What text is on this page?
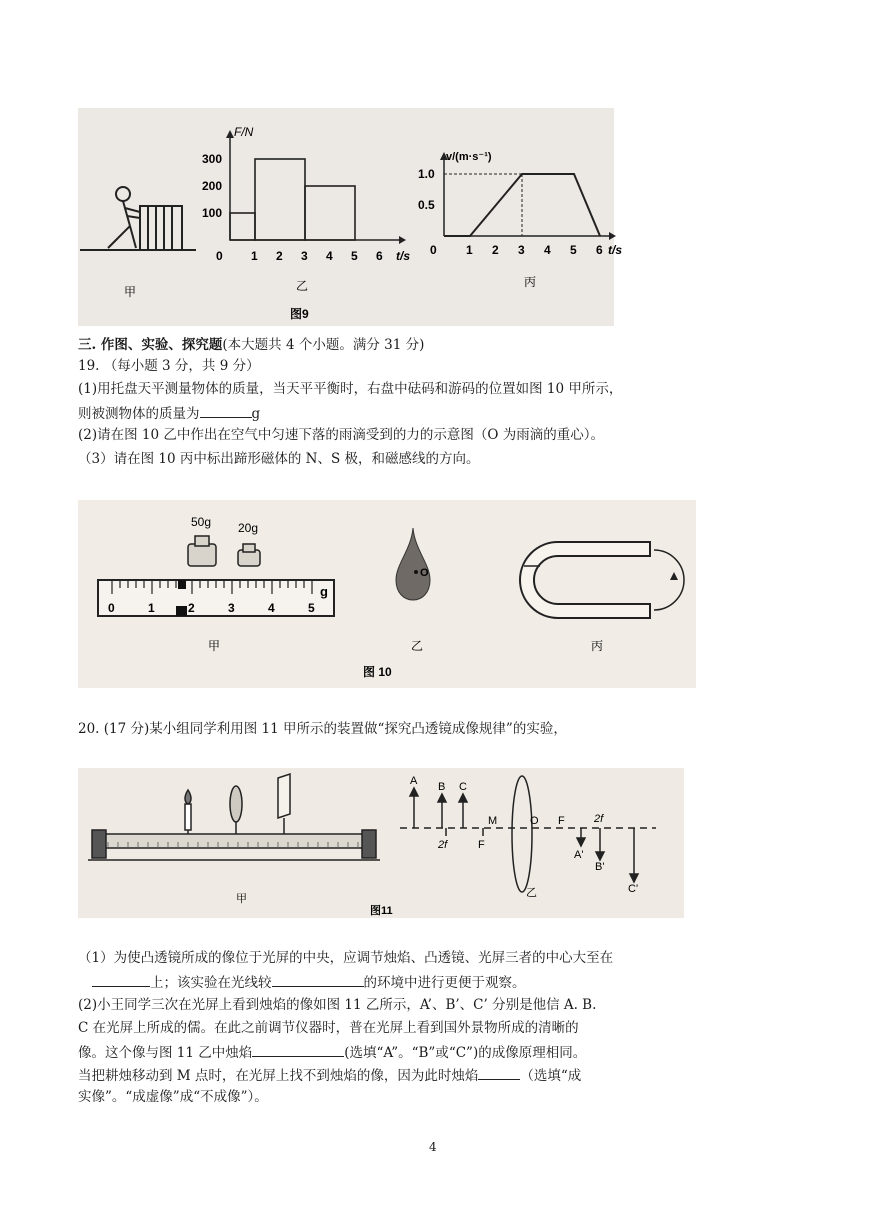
甲
100
200
300
0 1 2 3 4 5 6 t/s
F/N
乙
0.5
1.0
0 1 2 3 4 5 6 t/s
v/(m·s⁻¹)
丙
图9
三. 作图、实验、探究题(本大题共 4 个小题。满分 31 分)
19. （每小题 3 分，共 9 分）
(1)用托盘天平测量物体的质量，当天平平衡时，右盘中砝码和游码的位置如图 10 甲所示，
则被测物体的质量为	g
(2)请在图 10 乙中作出在空气中匀速下落的雨滴受到的力的示意图（O 为雨滴的重心）。
（3）请在图 10 丙中标出蹄形磁体的 N、S 极，和磁感线的方向。
50g 20g
0	1	2	3	4	5
g
O
甲	乙	丙
图 10
20. (17 分)某小组同学利用图 11 甲所示的装置做“探究凸透镜成像规律”的实验，
甲
A B C
M	O
F
F
2f
2f
A'
B'
C'
乙
图11
（1）为使凸透镜所成的像位于光屏的中央，应调节烛焰、凸透镜、光屏三者的中心大至在
上；该实验在光线较	的环境中进行更便于观察。
(2)小王同学三次在光屏上看到烛焰的像如图 11 乙所示，A’、B’、C’ 分别是他信 A. B.
C 在光屏上所成的儒。在此之前调节仪器时，普在光屏上看到国外景物所成的清晰的
像。这个像与图 11 乙中烛焰	(选填“A”。“B”或“C”)的成像原理相同。
当把耕烛移动到 M 点时，在光屏上找不到烛焰的像，因为此时烛焰	（选填“成
实像”。“成虚像”成“不成像”）。
4
